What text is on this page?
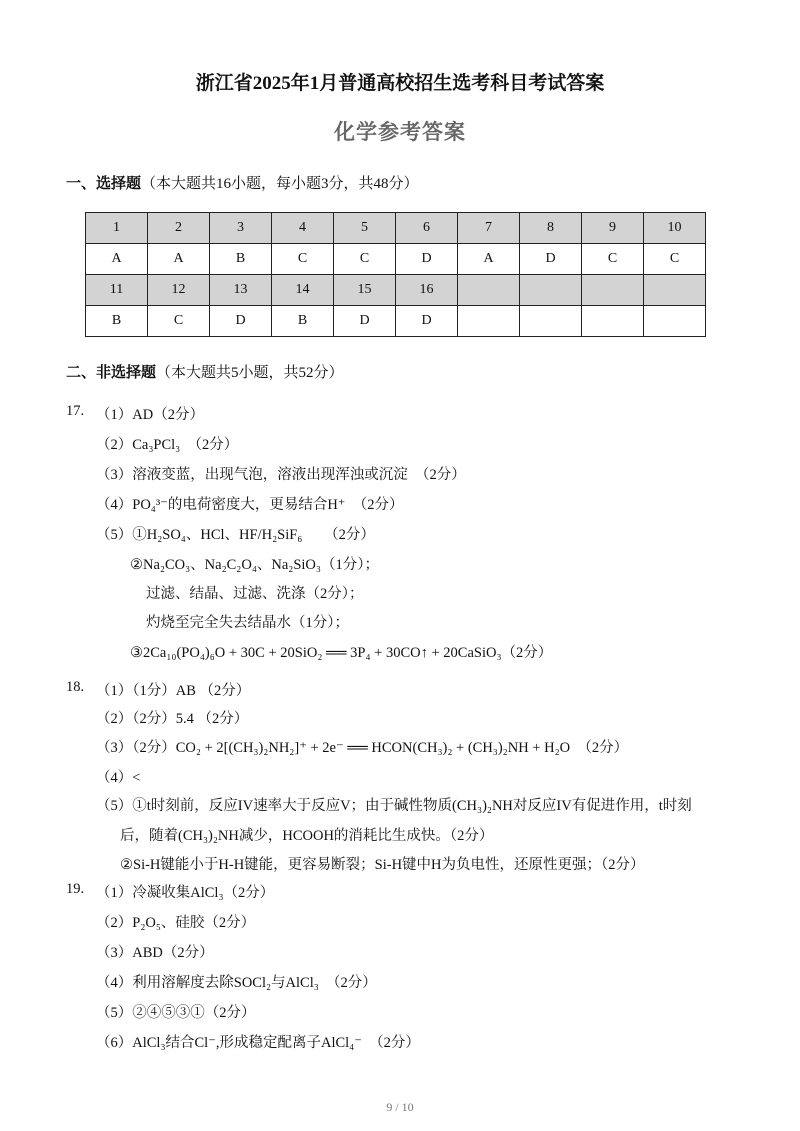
浙江省2025年1月普通高校招生选考科目考试答案
化学参考答案
一、选择题（本大题共16小题，每小题3分，共48分）
1	2	3	4	5	6	7	8	9	10
A	A	B	C	C	D	A	D	C	C
11	12	13	14	15	16				
B	C	D	B	D	D				
二、非选择题（本大题共5小题，共52分）
17. （1）AD（2分）
（2）Ca₃PCl₃　（2分）
（3）溶液变蓝，出现气泡，溶液出现浑浊或沉淀　（2分）
（4）PO₄³⁻的电荷密度大，更易结合H⁺　（2分）
（5）①H₂SO₄、HCl、HF/H₂SiF₆　　（2分）
②Na₂CO₃、Na₂C₂O₄、Na₂SiO₃（1分）；
过滤、结晶、过滤、洗涤（2分）；
灼烧至完全失去结晶水（1分）；
③2Ca₁₀(PO₄)₆O + 30C + 20SiO₂ ══ 3P₄ + 30CO↑ + 20CaSiO₃（2分）
18. （1）（1分）AB （2分）
（2）（2分）5.4 （2分）
（3）（2分）CO₂ + 2[(CH₃)₂NH₂]⁺ + 2e⁻ ══ HCON(CH₃)₂ + (CH₃)₂NH + H₂O　（2分）
（4）<
（5）①t时刻前，反应IV速率大于反应V；由于碱性物质(CH₃)₂NH对反应IV有促进作用，t时刻
后，随着(CH₃)₂NH减少，HCOOH的消耗比生成快。（2分）
②Si-H键能小于H-H键能，更容易断裂；Si-H键中H为负电性，还原性更强；（2分）
19. （1）冷凝收集AlCl₃（2分）
（2）P₂O₅、硅胶（2分）
（3）ABD（2分）
（4）利用溶解度去除SOCl₂与AlCl₃　（2分）
（5）②④⑤③①（2分）
（6）AlCl₃结合Cl⁻,形成稳定配离子AlCl₄⁻　（2分）
9 / 10
